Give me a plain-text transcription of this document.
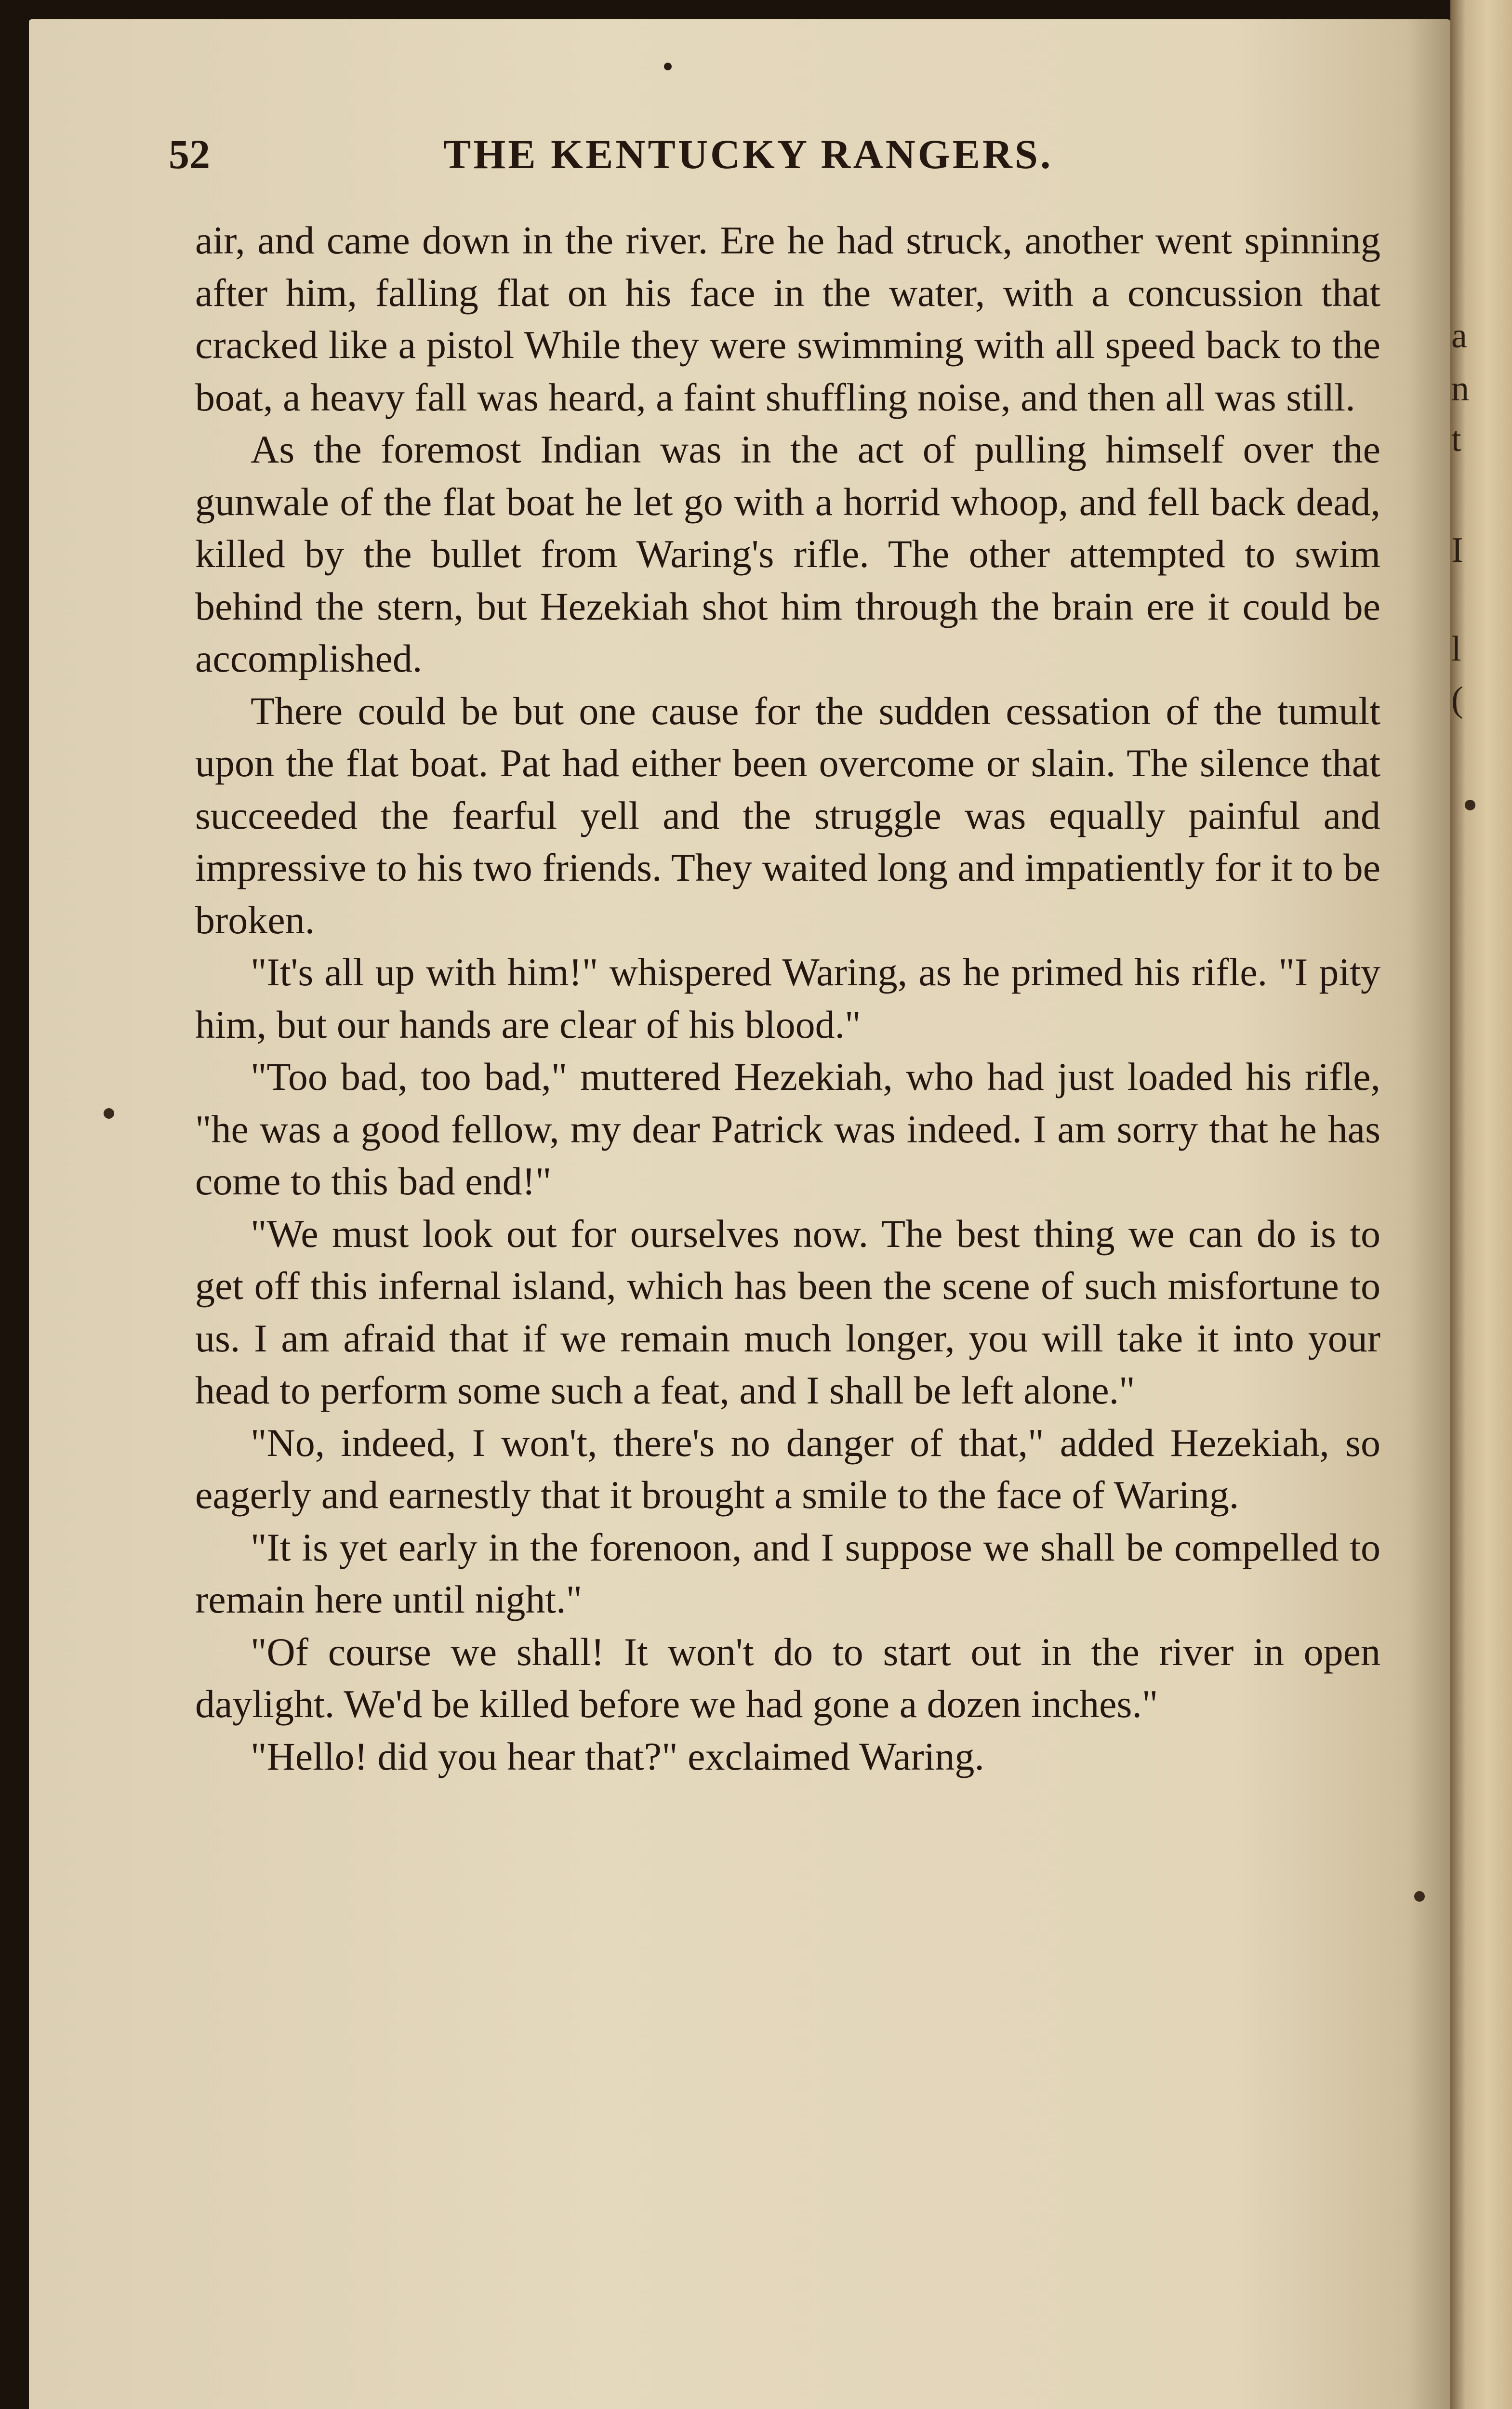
a
n
t
I
l
(
52	THE KENTUCKY RANGERS.

air, and came down in the river. Ere he had struck, another went spinning after him, falling flat on his face in the water, with a concussion that cracked like a pistol While they were swimming with all speed back to the boat, a heavy fall was heard, a faint shuffling noise, and then all was still.

As the foremost Indian was in the act of pulling himself over the gunwale of the flat boat he let go with a horrid whoop, and fell back dead, killed by the bullet from Waring's rifle. The other attempted to swim behind the stern, but Hezekiah shot him through the brain ere it could be accomplished.

There could be but one cause for the sudden cessation of the tumult upon the flat boat. Pat had either been overcome or slain. The silence that succeeded the fearful yell and the struggle was equally painful and impressive to his two friends. They waited long and impatiently for it to be broken.

"It's all up with him!" whispered Waring, as he primed his rifle. "I pity him, but our hands are clear of his blood."

"Too bad, too bad," muttered Hezekiah, who had just loaded his rifle, "he was a good fellow, my dear Patrick was indeed. I am sorry that he has come to this bad end!"

"We must look out for ourselves now. The best thing we can do is to get off this infernal island, which has been the scene of such misfortune to us. I am afraid that if we remain much longer, you will take it into your head to perform some such a feat, and I shall be left alone."

"No, indeed, I won't, there's no danger of that," added Hezekiah, so eagerly and earnestly that it brought a smile to the face of Waring.

"It is yet early in the forenoon, and I suppose we shall be compelled to remain here until night."

"Of course we shall! It won't do to start out in the river in open daylight. We'd be killed before we had gone a dozen inches."

"Hello! did you hear that?" exclaimed Waring.
